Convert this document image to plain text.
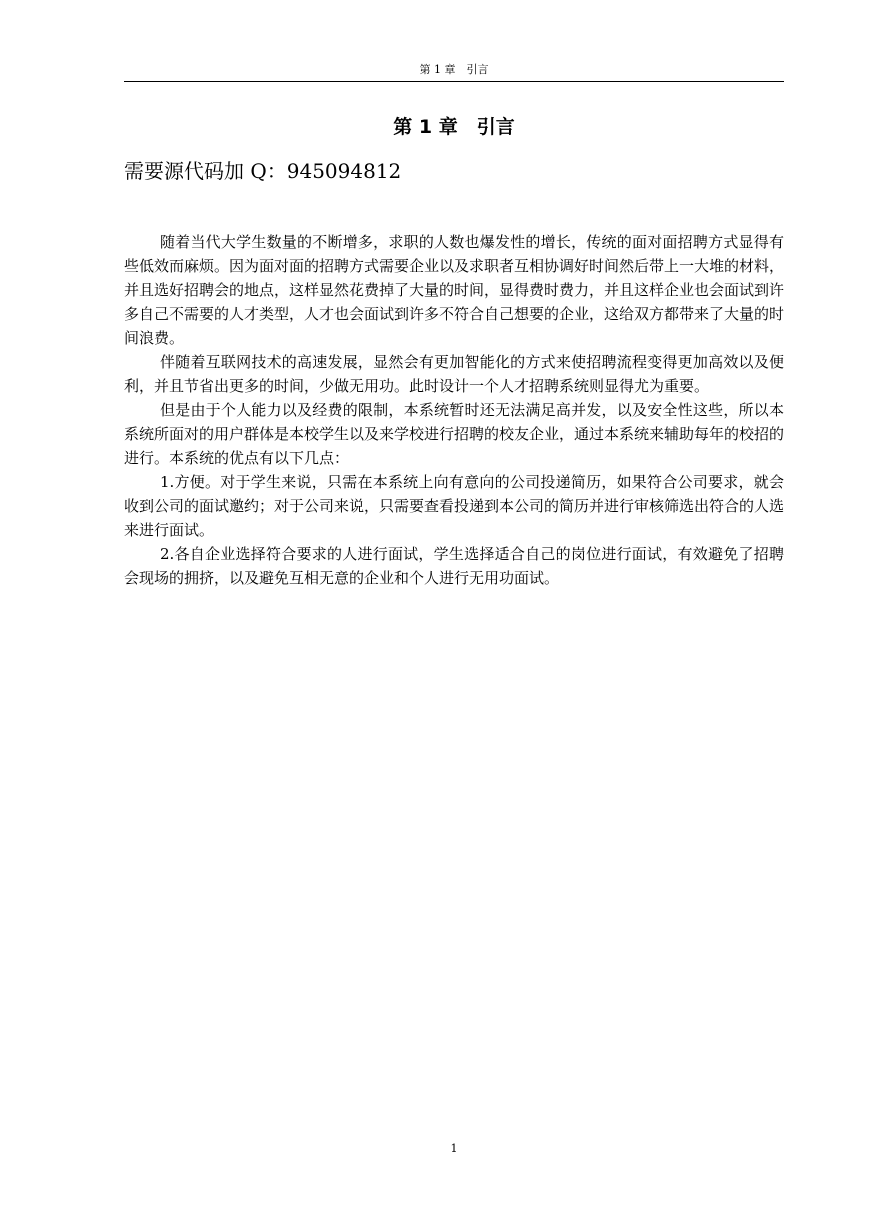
第 1 章　引言
第 1 章　引言
需要源代码加 Q：945094812

随着当代大学生数量的不断增多，求职的人数也爆发性的增长，传统的面对面招聘方式显得有些低效而麻烦。因为面对面的招聘方式需要企业以及求职者互相协调好时间然后带上一大堆的材料，并且选好招聘会的地点，这样显然花费掉了大量的时间，显得费时费力，并且这样企业也会面试到许多自己不需要的人才类型，人才也会面试到许多不符合自己想要的企业，这给双方都带来了大量的时间浪费。

伴随着互联网技术的高速发展，显然会有更加智能化的方式来使招聘流程变得更加高效以及便利，并且节省出更多的时间，少做无用功。此时设计一个人才招聘系统则显得尤为重要。

但是由于个人能力以及经费的限制，本系统暂时还无法满足高并发，以及安全性这些，所以本系统所面对的用户群体是本校学生以及来学校进行招聘的校友企业，通过本系统来辅助每年的校招的进行。本系统的优点有以下几点：

1.方便。对于学生来说，只需在本系统上向有意向的公司投递简历，如果符合公司要求，就会收到公司的面试邀约；对于公司来说，只需要查看投递到本公司的简历并进行审核筛选出符合的人选来进行面试。

2.各自企业选择符合要求的人进行面试，学生选择适合自己的岗位进行面试，有效避免了招聘会现场的拥挤，以及避免互相无意的企业和个人进行无用功面试。

1
